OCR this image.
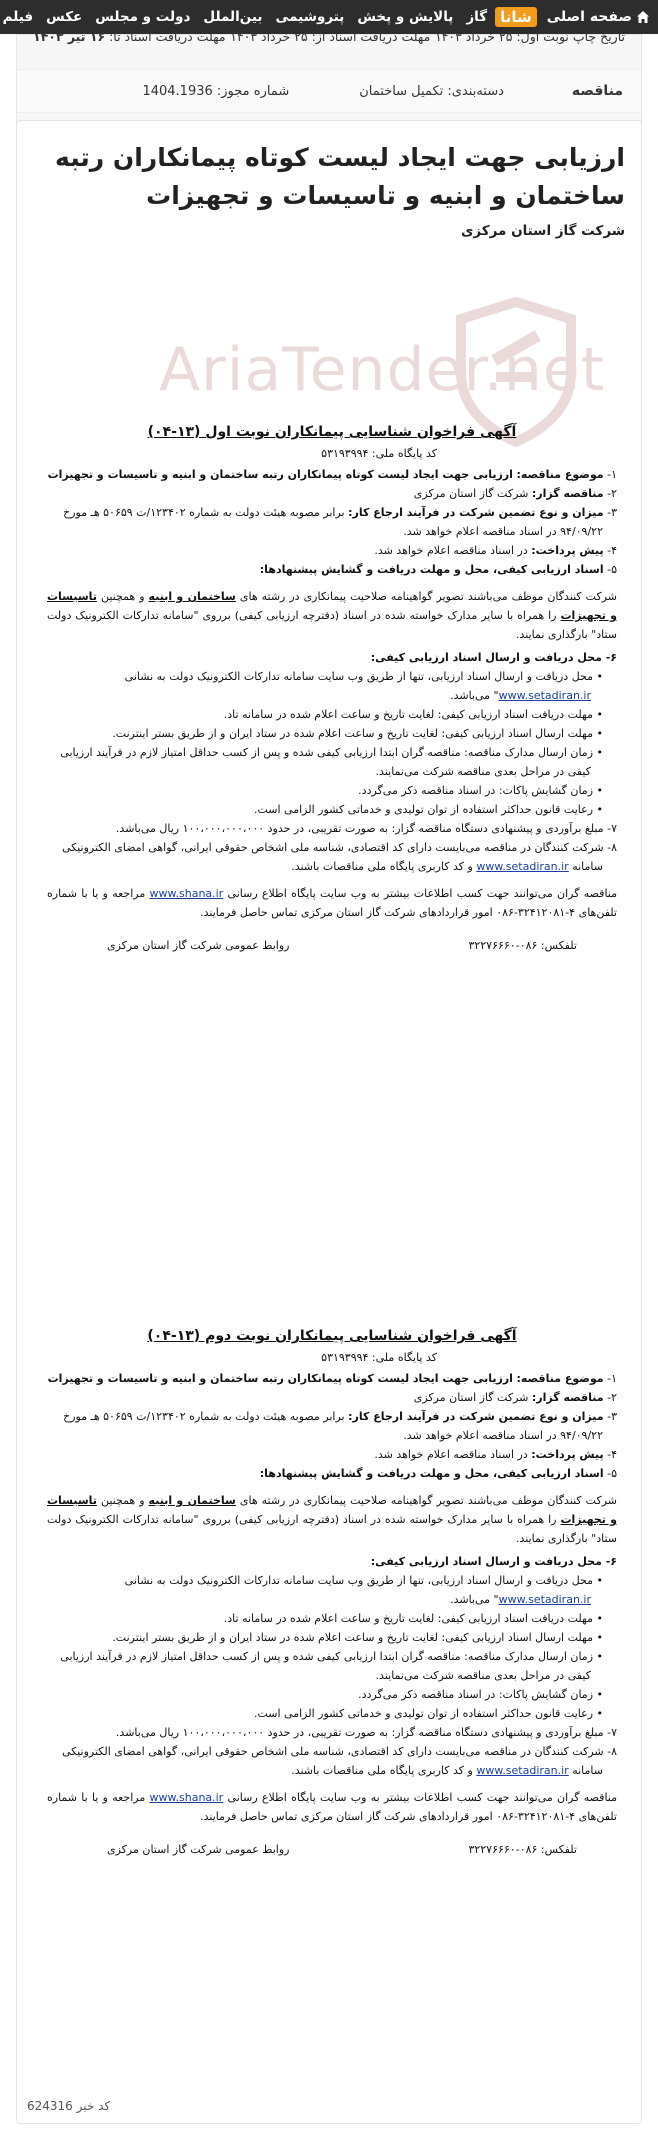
صفحه اصلی
شانا
گاز
پالایش و پخش
پتروشیمی
بین‌الملل
دولت و مجلس
عکس
فیلم
تاریخ چاپ نوبت اول: ۲۵ خرداد ۱۴۰۳
مهلت دریافت اسناد از: ۲۵ خرداد ۱۴۰۳
مهلت دریافت اسناد تا: ۱۶ تیر ۱۴۰۳
مناقصه
دسته‌بندی: تکمیل ساختمان
شماره مجوز: 1404.1936
ارزیابی جهت ایجاد لیست کوتاه پیمانکاران رتبه ساختمان و ابنیه و تاسیسات و تجهیزات
شرکت گاز استان مرکزی
AriaTender.net
آگهی فراخوان شناسایی پیمانکاران نوبت اول (۱۳-۰۴)
کد پایگاه ملی: ۵۳۱۹۳۹۹۴
۱- موضوع مناقصه: ارزیابی جهت ایجاد لیست کوتاه پیمانکاران رتبه ساختمان و ابنیه و تاسیسات و تجهیزات
۲- مناقصه گزار: شرکت گاز استان مرکزی
۳- میزان و نوع تضمین شرکت در فرآیند ارجاع کار: برابر مصوبه هیئت دولت به شماره ۱۲۳۴۰۲/ت ۵۰۶۵۹ هـ مورخ ۹۴/۰۹/۲۲ در اسناد مناقصه اعلام خواهد شد.
۴- پیش پرداخت: در اسناد مناقصه اعلام خواهد شد.
۵- اسناد ارزیابی کیفی، محل و مهلت دریافت و گشایش پیشنهادها:
شرکت کنندگان موظف می‌باشند تصویر گواهینامه صلاحیت پیمانکاری در رشته های ساختمان و ابنیه و همچنین تاسیسات و تجهیزات را همراه با سایر مدارک خواسته شده در اسناد (دفترچه ارزیابی کیفی) برروی "سامانه تدارکات الکترونیک دولت ستاد" بارگذاری نمایند.
۶- محل دریافت و ارسال اسناد ارزیابی کیفی:
• محل دریافت و ارسال اسناد ارزیابی، تنها از طریق وب سایت سامانه تدارکات الکترونیک دولت به نشانی www.setadiran.ir" می‌باشد.
• مهلت دریافت اسناد ارزیابی کیفی: لغایت تاریخ و ساعت اعلام شده در سامانه تاد.
• مهلت ارسال اسناد ارزیابی کیفی: لغایت تاریخ و ساعت اعلام شده در ستاد ایران و از طریق بستر اینترنت.
• زمان ارسال مدارک مناقصه: مناقصه گران ابتدا ارزیابی کیفی شده و پس از کسب حداقل امتیاز لازم در فرآیند ارزیابی کیفی در مراحل بعدی مناقصه شرکت می‌نمایند.
• زمان گشایش پاکات: در اسناد مناقصه ذکر می‌گردد.
• رعایت قانون حداکثر استفاده از توان تولیدی و خدماتی کشور الزامی است.
۷- مبلغ برآوردی و پیشنهادی دستگاه مناقصه گزار: به صورت تقریبی، در حدود ۱۰۰،۰۰۰،۰۰۰،۰۰۰ ریال می‌باشد.
۸- شرکت کنندگان در مناقصه می‌بایست دارای کد اقتصادی، شناسه ملی اشخاص حقوقی ایرانی، گواهی امضای الکترونیکی سامانه www.setadiran.ir و کد کاربری پایگاه ملی مناقصات باشند.
مناقصه گران می‌توانند جهت کسب اطلاعات بیشتر به وب سایت پایگاه اطلاع رسانی www.shana.ir مراجعه و یا با شماره تلفن‌های ۴-۳۲۴۱۲۰۸۱-۰۸۶ امور قراردادهای شرکت گاز استان مرکزی تماس حاصل فرمایند.
تلفکس: ۰۸۶-۳۲۲۷۶۶۶۰
روابط عمومی شرکت گاز استان مرکزی
آگهی فراخوان شناسایی پیمانکاران نوبت دوم (۱۳-۰۴)
کد پایگاه ملی: ۵۳۱۹۳۹۹۴
۱- موضوع مناقصه: ارزیابی جهت ایجاد لیست کوتاه پیمانکاران رتبه ساختمان و ابنیه و تاسیسات و تجهیزات
۲- مناقصه گزار: شرکت گاز استان مرکزی
۳- میزان و نوع تضمین شرکت در فرآیند ارجاع کار: برابر مصوبه هیئت دولت به شماره ۱۲۳۴۰۲/ت ۵۰۶۵۹ هـ مورخ ۹۴/۰۹/۲۲ در اسناد مناقصه اعلام خواهد شد.
۴- پیش پرداخت: در اسناد مناقصه اعلام خواهد شد.
۵- اسناد ارزیابی کیفی، محل و مهلت دریافت و گشایش پیشنهادها:
شرکت کنندگان موظف می‌باشند تصویر گواهینامه صلاحیت پیمانکاری در رشته های ساختمان و ابنیه و همچنین تاسیسات و تجهیزات را همراه با سایر مدارک خواسته شده در اسناد (دفترچه ارزیابی کیفی) برروی "سامانه تدارکات الکترونیک دولت ستاد" بارگذاری نمایند.
۶- محل دریافت و ارسال اسناد ارزیابی کیفی:
• محل دریافت و ارسال اسناد ارزیابی، تنها از طریق وب سایت سامانه تدارکات الکترونیک دولت به نشانی www.setadiran.ir" می‌باشد.
• مهلت دریافت اسناد ارزیابی کیفی: لغایت تاریخ و ساعت اعلام شده در سامانه تاد.
• مهلت ارسال اسناد ارزیابی کیفی: لغایت تاریخ و ساعت اعلام شده در ستاد ایران و از طریق بستر اینترنت.
• زمان ارسال مدارک مناقصه: مناقصه گران ابتدا ارزیابی کیفی شده و پس از کسب حداقل امتیاز لازم در فرآیند ارزیابی کیفی در مراحل بعدی مناقصه شرکت می‌نمایند.
• زمان گشایش پاکات: در اسناد مناقصه ذکر می‌گردد.
• رعایت قانون حداکثر استفاده از توان تولیدی و خدماتی کشور الزامی است.
۷- مبلغ برآوردی و پیشنهادی دستگاه مناقصه گزار: به صورت تقریبی، در حدود ۱۰۰،۰۰۰،۰۰۰،۰۰۰ ریال می‌باشد.
۸- شرکت کنندگان در مناقصه می‌بایست دارای کد اقتصادی، شناسه ملی اشخاص حقوقی ایرانی، گواهی امضای الکترونیکی سامانه www.setadiran.ir و کد کاربری پایگاه ملی مناقصات باشند.
مناقصه گران می‌توانند جهت کسب اطلاعات بیشتر به وب سایت پایگاه اطلاع رسانی www.shana.ir مراجعه و یا با شماره تلفن‌های ۴-۳۲۴۱۲۰۸۱-۰۸۶ امور قراردادهای شرکت گاز استان مرکزی تماس حاصل فرمایند.
تلفکس: ۰۸۶-۳۲۲۷۶۶۶۰
روابط عمومی شرکت گاز استان مرکزی
کد خبر 624316
